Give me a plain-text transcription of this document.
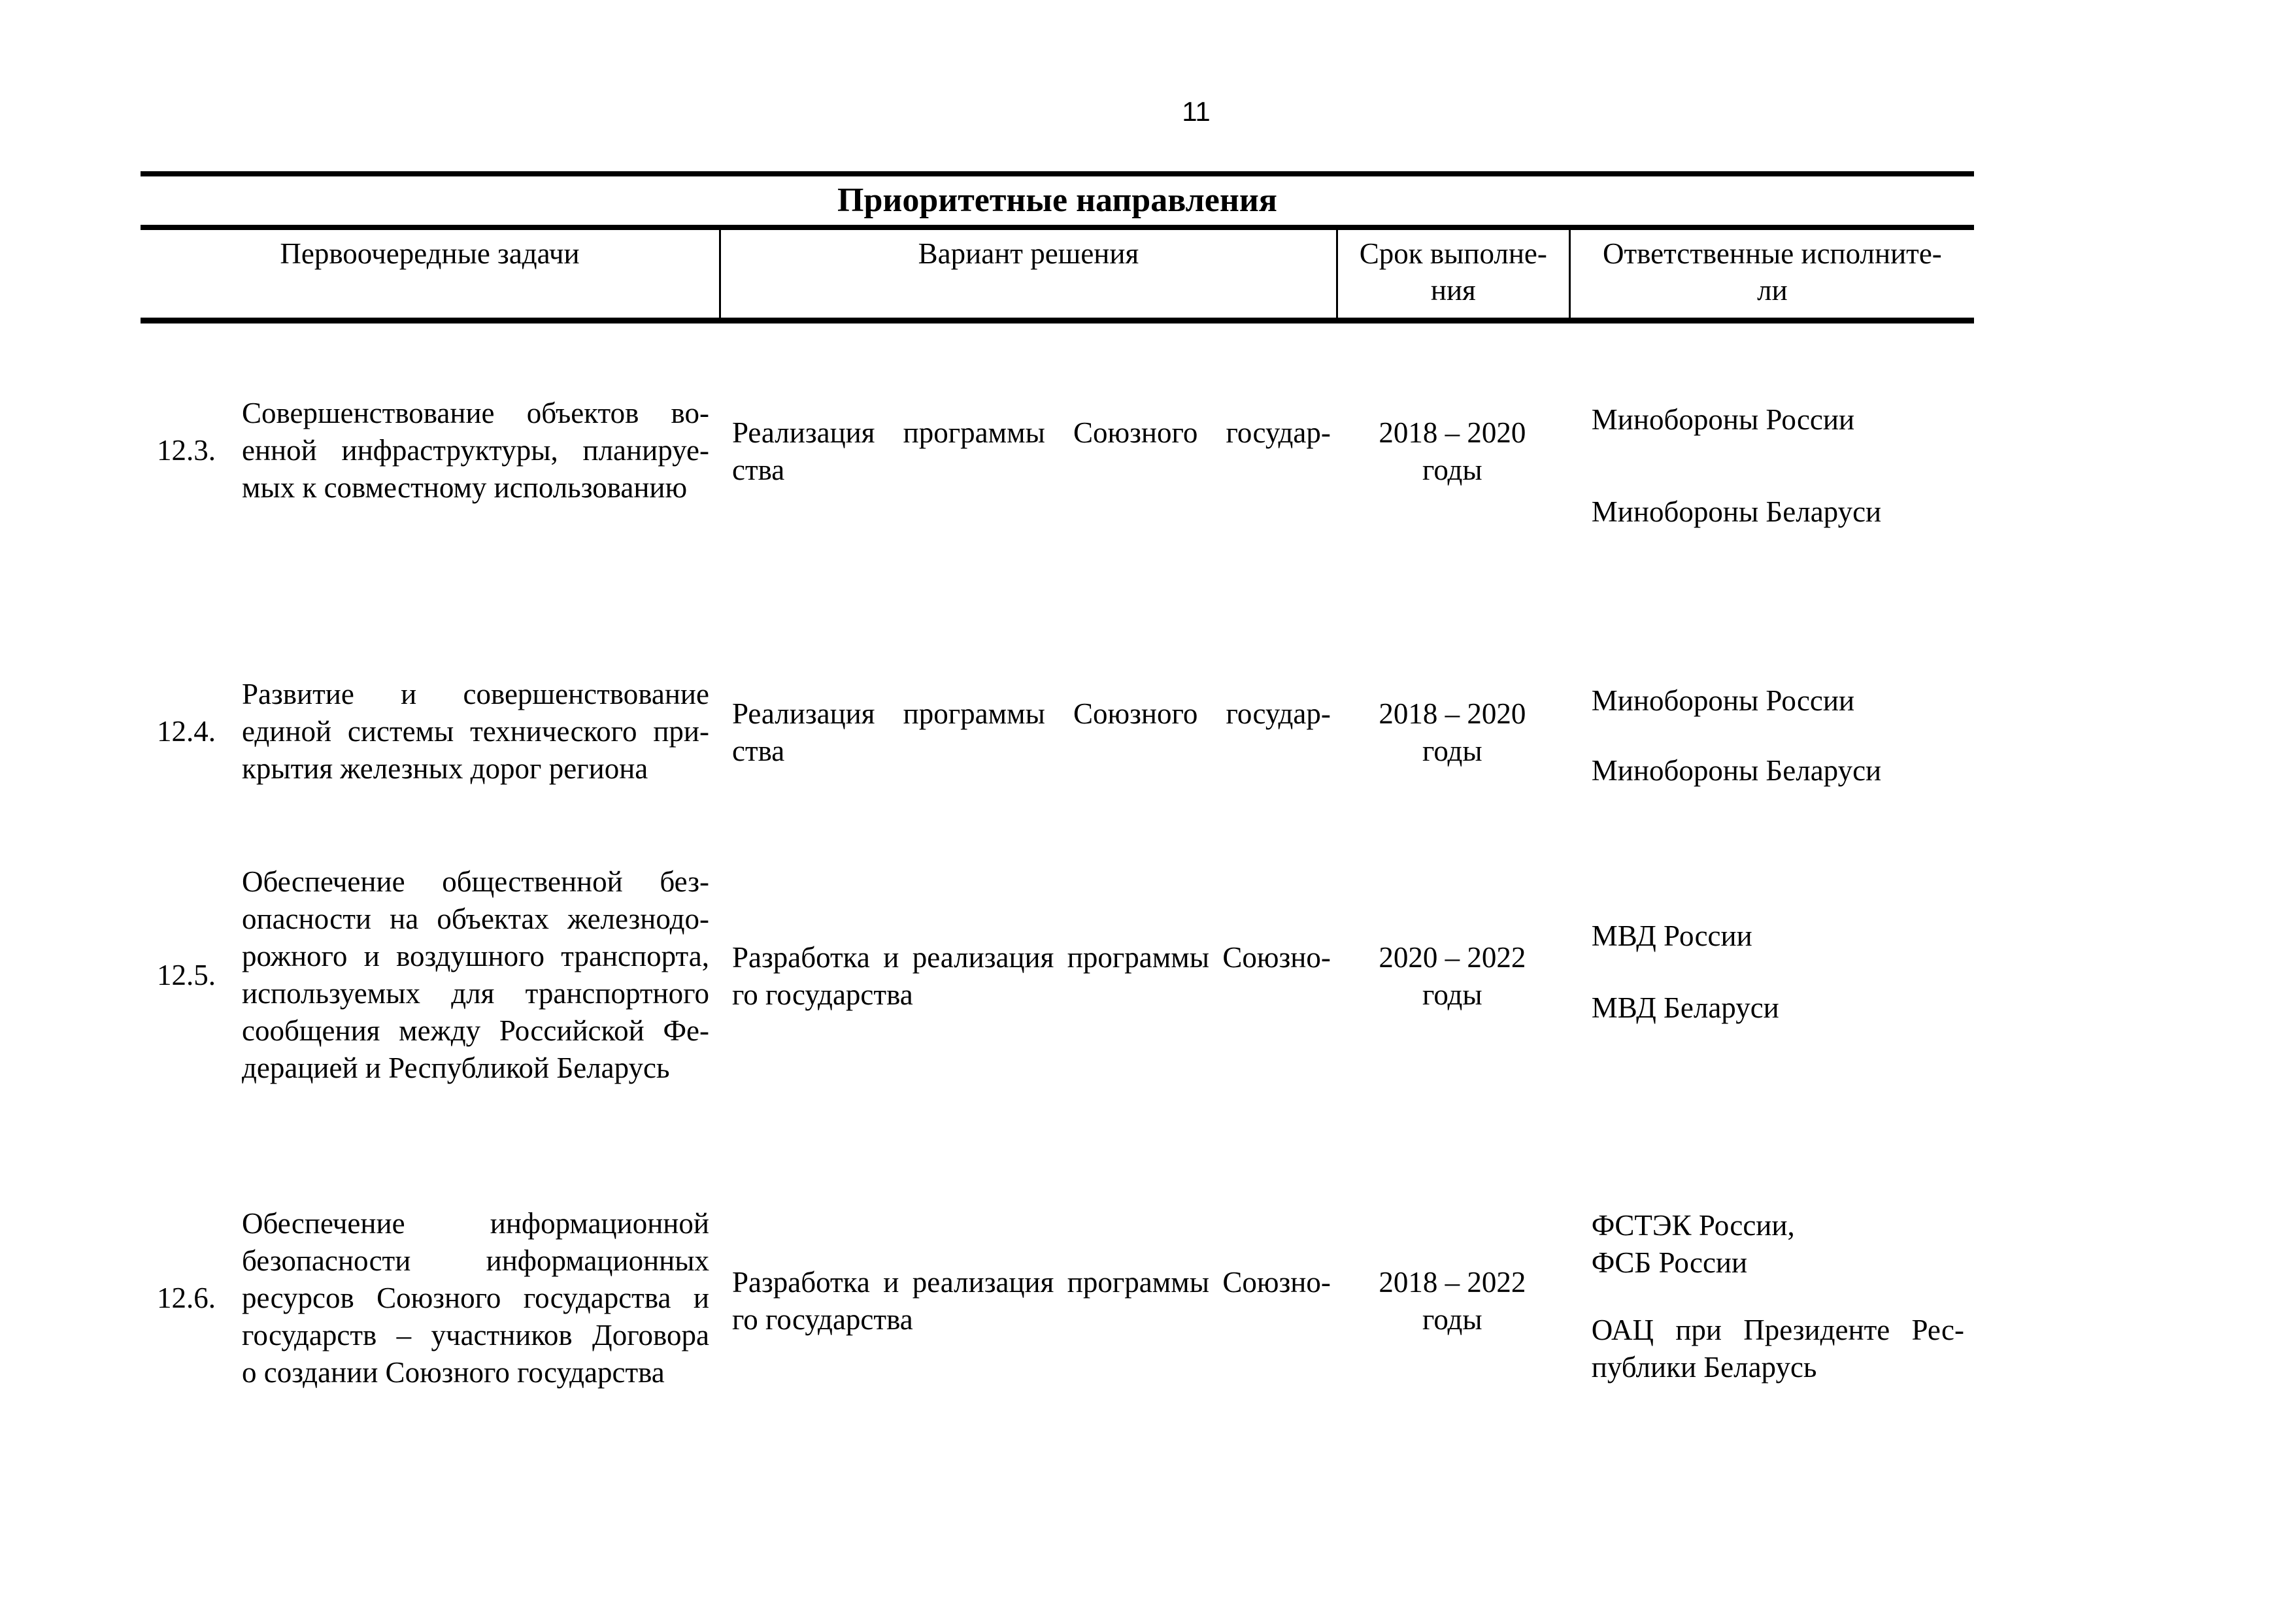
11
Приоритетные направления
Первоочередные задачи	Вариант решения	Срок выполне-
ния
Ответственные исполните-
ли
12.3.
Совершенствование объектов во-
енной инфраструктуры, планируе-
мых к совместному использованию
Реализация программы Союзного государ-
ства
2018 – 2020
годы
Минобороны России
Минобороны Беларуси
12.4.
Развитие и совершенствование
единой системы технического при-
крытия железных дорог региона
Реализация программы Союзного государ-
ства
2018 – 2020
годы
Минобороны России
Минобороны Беларуси
12.5.
Обеспечение общественной без-
опасности на объектах железнодо-
рожного и воздушного транспорта,
используемых для транспортного
сообщения между Российской Фе-
дерацией и Республикой Беларусь
Разработка и реализация программы Союзно-
го государства
2020 – 2022
годы
МВД России
МВД Беларуси
12.6.
Обеспечение информационной
безопасности информационных
ресурсов Союзного государства и
государств – участников Договора
о создании Союзного государства
Разработка и реализация программы Союзно-
го государства
2018 – 2022
годы
ФСТЭК России,
ФСБ России
ОАЦ при Президенте Рес-
публики Беларусь
